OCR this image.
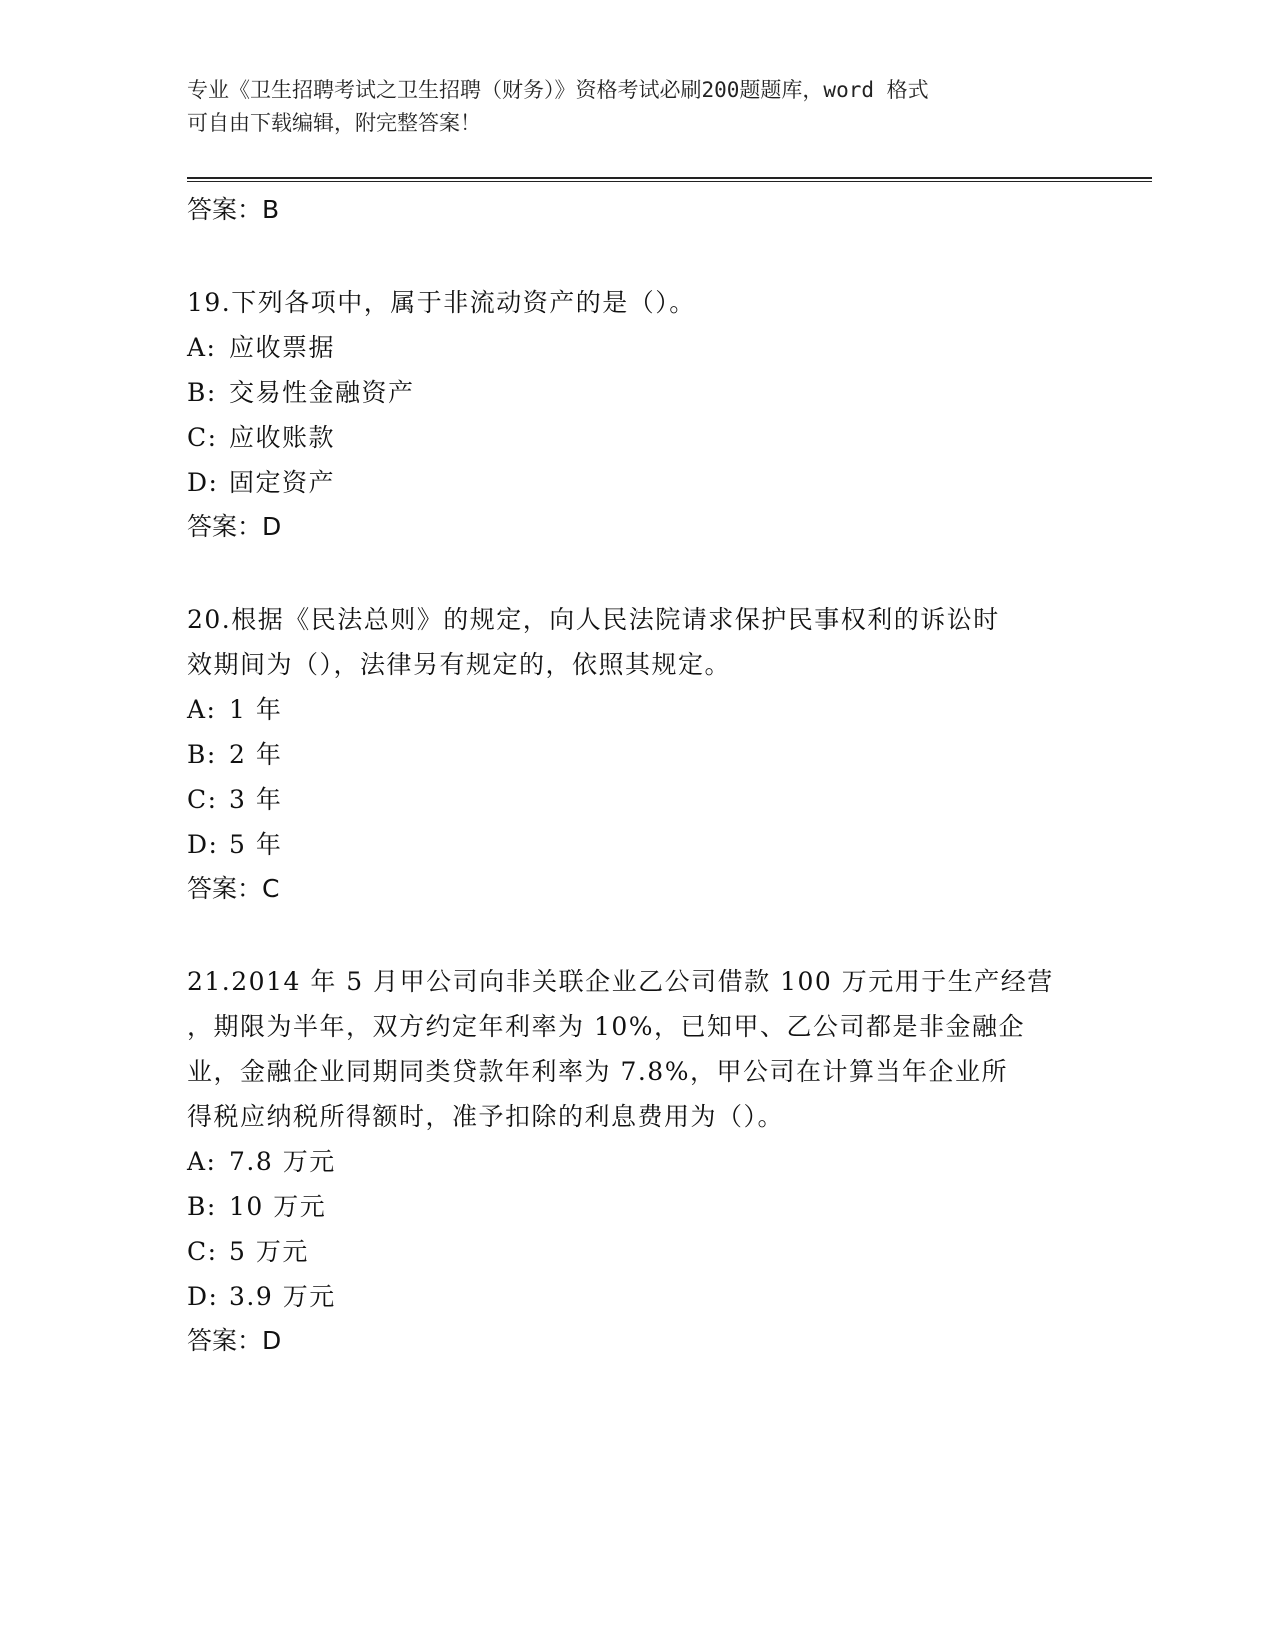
专业《卫生招聘考试之卫生招聘（财务）》资格考试必刷200题题库，word 格式
可自由下载编辑，附完整答案！
答案：B
19.下列各项中，属于非流动资产的是（）。
A: 应收票据
B: 交易性金融资产
C: 应收账款
D: 固定资产
答案：D
20.根据《民法总则》的规定，向人民法院请求保护民事权利的诉讼时
效期间为（），法律另有规定的，依照其规定。
A: 1 年
B: 2 年
C: 3 年
D: 5 年
答案：C
21.2014 年 5 月甲公司向非关联企业乙公司借款 100 万元用于生产经营
，期限为半年，双方约定年利率为 10%，已知甲、乙公司都是非金融企
业，金融企业同期同类贷款年利率为 7.8%，甲公司在计算当年企业所
得税应纳税所得额时，准予扣除的利息费用为（）。
A: 7.8 万元
B: 10 万元
C: 5 万元
D: 3.9 万元
答案：D
